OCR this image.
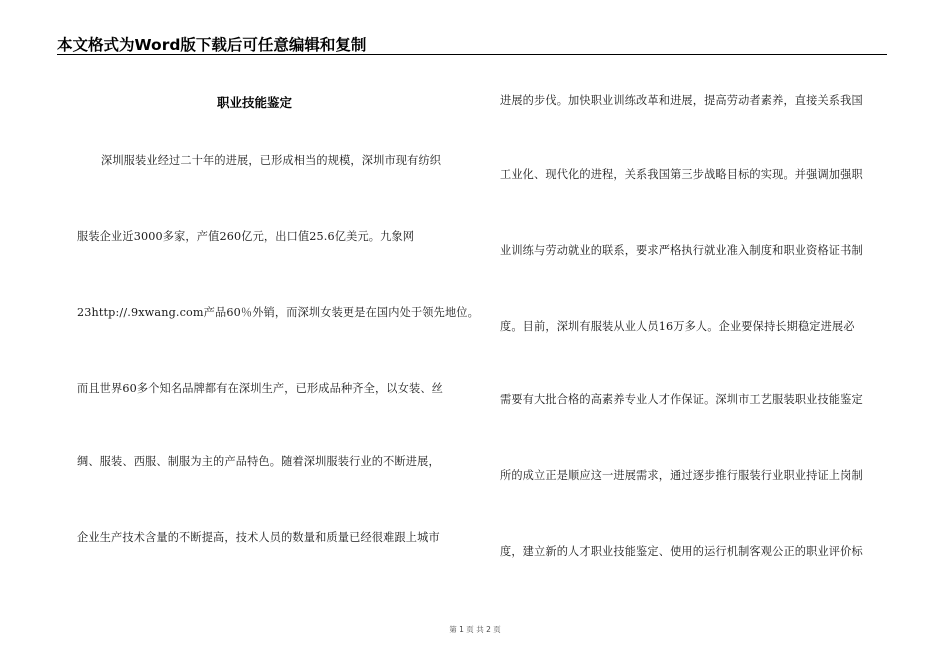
本文格式为Word版下载后可任意编辑和复制
职业技能鉴定
深圳服装业经过二十年的进展，已形成相当的规模，深圳市现有纺织
服装企业近3000多家，产值260亿元，出口值25.6亿美元。九象网
23http://.9xwang.com产品60％外销，而深圳女装更是在国内处于领先地位。
而且世界60多个知名品牌都有在深圳生产，已形成品种齐全，以女装、丝
绸、服装、西服、制服为主的产品特色。随着深圳服装行业的不断进展，
企业生产技术含量的不断提高，技术人员的数量和质量已经很难跟上城市
进展的步伐。加快职业训练改革和进展，提高劳动者素养，直接关系我国
工业化、现代化的进程，关系我国第三步战略目标的实现。并强调加强职
业训练与劳动就业的联系，要求严格执行就业准入制度和职业资格证书制
度。目前，深圳有服装从业人员16万多人。企业要保持长期稳定进展必
需要有大批合格的高素养专业人才作保证。深圳市工艺服装职业技能鉴定
所的成立正是顺应这一进展需求，通过逐步推行服装行业职业持证上岗制
度，建立新的人才职业技能鉴定、使用的运行机制客观公正的职业评价标
第 1 页 共 2 页
